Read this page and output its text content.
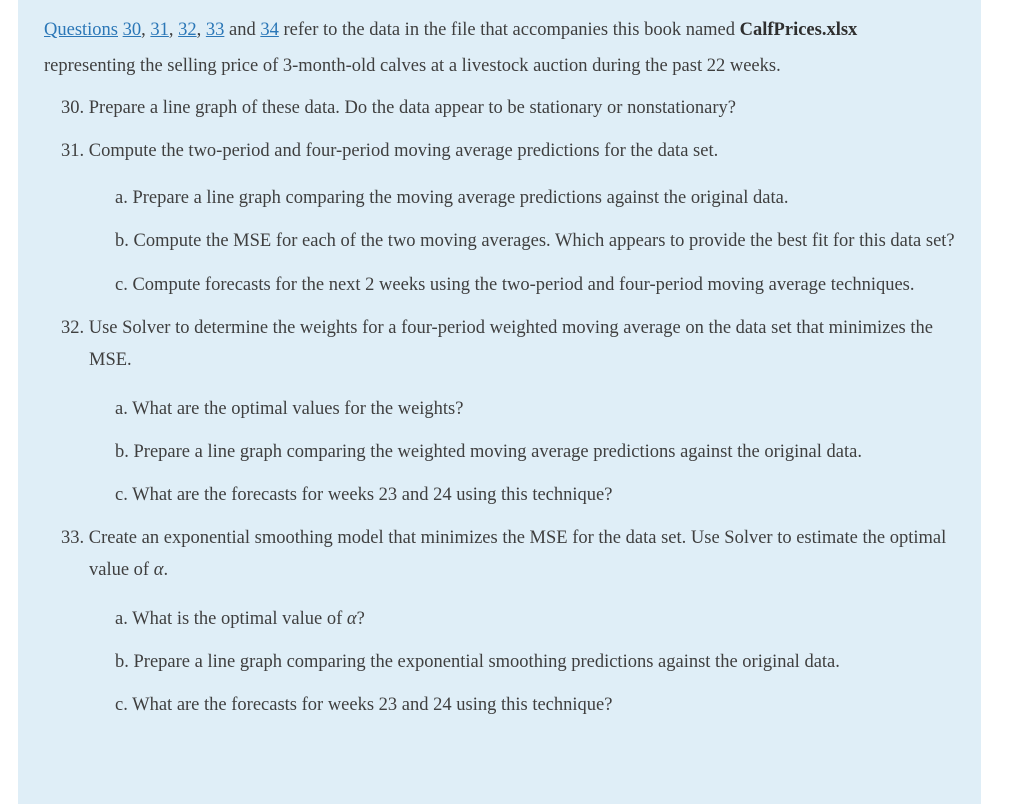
Questions 30, 31, 32, 33 and 34 refer to the data in the file that accompanies this book named CalfPrices.xlsx representing the selling price of 3-month-old calves at a livestock auction during the past 22 weeks.

30. Prepare a line graph of these data. Do the data appear to be stationary or nonstationary?
31. Compute the two-period and four-period moving average predictions for the data set.
a. Prepare a line graph comparing the moving average predictions against the original data.
b. Compute the MSE for each of the two moving averages. Which appears to provide the best fit for this data set?
c. Compute forecasts for the next 2 weeks using the two-period and four-period moving average techniques.
32. Use Solver to determine the weights for a four-period weighted moving average on the data set that minimizes the MSE.
a. What are the optimal values for the weights?
b. Prepare a line graph comparing the weighted moving average predictions against the original data.
c. What are the forecasts for weeks 23 and 24 using this technique?
33. Create an exponential smoothing model that minimizes the MSE for the data set. Use Solver to estimate the optimal value of α.
a. What is the optimal value of α?
b. Prepare a line graph comparing the exponential smoothing predictions against the original data.
c. What are the forecasts for weeks 23 and 24 using this technique?
